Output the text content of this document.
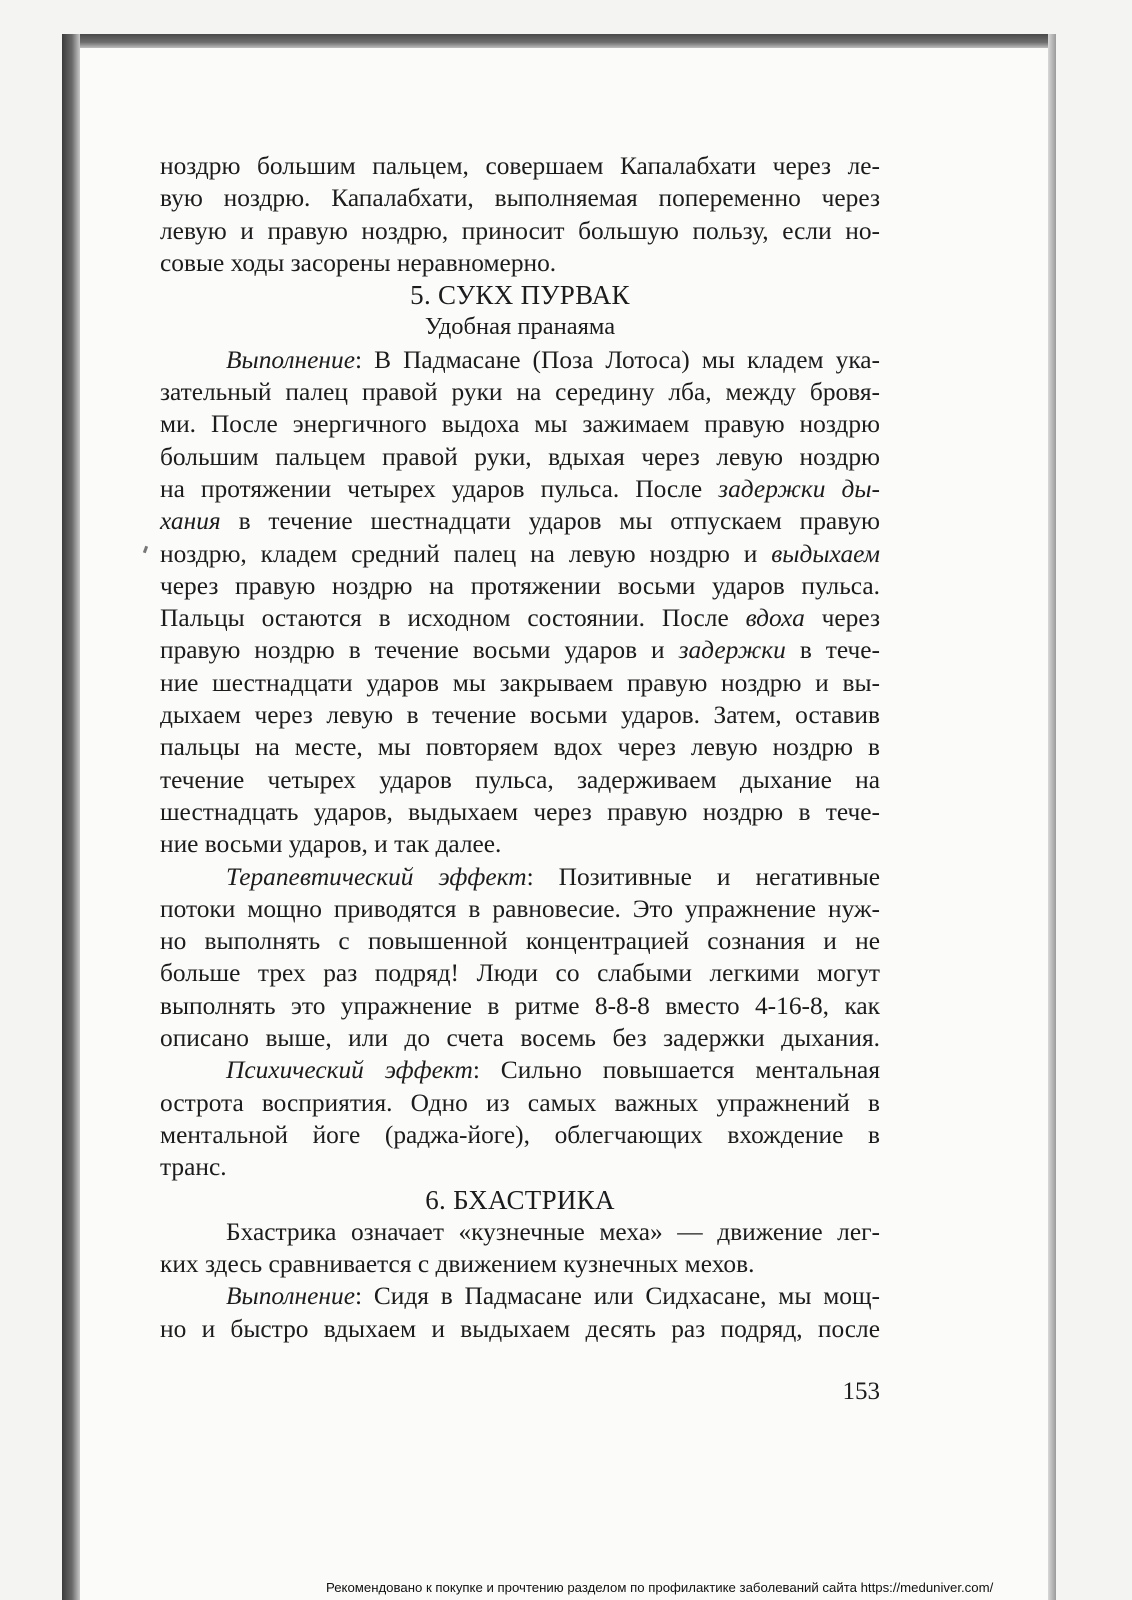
ноздрю большим пальцем, совершаем Капалабхати через ле-
вую ноздрю. Капалабхати, выполняемая попеременно через
левую и правую ноздрю, приносит большую пользу, если но-
совые ходы засорены неравномерно.
5. СУКХ ПУРВАК
Удобная пранаяма
Выполнение: В Падмасане (Поза Лотоса) мы кладем ука-
зательный палец правой руки на середину лба, между бровя-
ми. После энергичного выдоха мы зажимаем правую ноздрю
большим пальцем правой руки, вдыхая через левую ноздрю
на протяжении четырех ударов пульса. После задержки ды-
хания в течение шестнадцати ударов мы отпускаем правую
ноздрю, кладем средний палец на левую ноздрю и выдыхаем
через правую ноздрю на протяжении восьми ударов пульса.
Пальцы остаются в исходном состоянии. После вдоха через
правую ноздрю в течение восьми ударов и задержки в тече-
ние шестнадцати ударов мы закрываем правую ноздрю и вы-
дыхаем через левую в течение восьми ударов. Затем, оставив
пальцы на месте, мы повторяем вдох через левую ноздрю в
течение четырех ударов пульса, задерживаем дыхание на
шестнадцать ударов, выдыхаем через правую ноздрю в тече-
ние восьми ударов, и так далее.
Терапевтический эффект: Позитивные и негативные
потоки мощно приводятся в равновесие. Это упражнение нуж-
но выполнять с повышенной концентрацией сознания и не
больше трех раз подряд! Люди со слабыми легкими могут
выполнять это упражнение в ритме 8-8-8 вместо 4-16-8, как
описано выше, или до счета восемь без задержки дыхания.
Психический эффект: Сильно повышается ментальная
острота восприятия. Одно из самых важных упражнений в
ментальной йоге (раджа-йоге), облегчающих вхождение в
транс.
6. БХАСТРИКА
Бхастрика означает «кузнечные меха» — движение лег-
ких здесь сравнивается с движением кузнечных мехов.
Выполнение: Сидя в Падмасане или Сидхасане, мы мощ-
но и быстро вдыхаем и выдыхаем десять раз подряд, после
153
Рекомендовано к покупке и прочтению разделом по профилактике заболеваний сайта https://meduniver.com/
